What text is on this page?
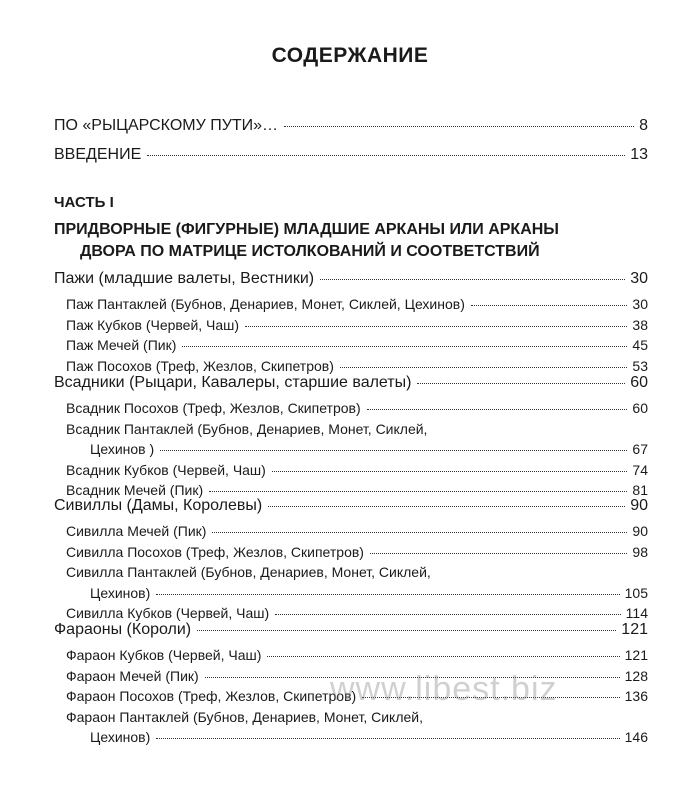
СОДЕРЖАНИЕ
ПО «РЫЦАРСКОМУ ПУТИ»…	8
ВВЕДЕНИЕ	13
ЧАСТЬ I
ПРИДВОРНЫЕ (ФИГУРНЫЕ) МЛАДШИЕ АРКАНЫ ИЛИ АРКАНЫ
ДВОРА ПО МАТРИЦЕ ИСТОЛКОВАНИЙ И СООТВЕТСТВИЙ
Пажи (младшие валеты, Вестники)	30
Паж Пантаклей (Бубнов, Денариев, Монет, Сиклей, Цехинов)	30
Паж Кубков (Червей, Чаш)	38
Паж Мечей (Пик)	45
Паж Посохов (Треф, Жезлов, Скипетров)	53
Всадники (Рыцари, Кавалеры, старшие валеты)	60
Всадник Посохов (Треф, Жезлов, Скипетров)	60
Всадник Пантаклей (Бубнов, Денариев, Монет, Сиклей,
Цехинов )	67
Всадник Кубков (Червей, Чаш)	74
Всадник Мечей (Пик)	81
Сивиллы (Дамы, Королевы)	90
Сивилла Мечей (Пик)	90
Сивилла Посохов (Треф, Жезлов, Скипетров)	98
Сивилла Пантаклей (Бубнов, Денариев, Монет, Сиклей,
Цехинов)	105
Сивилла Кубков (Червей, Чаш)	114
Фараоны (Короли)	121
Фараон Кубков (Червей, Чаш)	121
Фараон Мечей (Пик)	128
Фараон Посохов (Треф, Жезлов, Скипетров)	136
Фараон Пантаклей (Бубнов, Денариев, Монет, Сиклей,
Цехинов)	146
www.libest.biz
